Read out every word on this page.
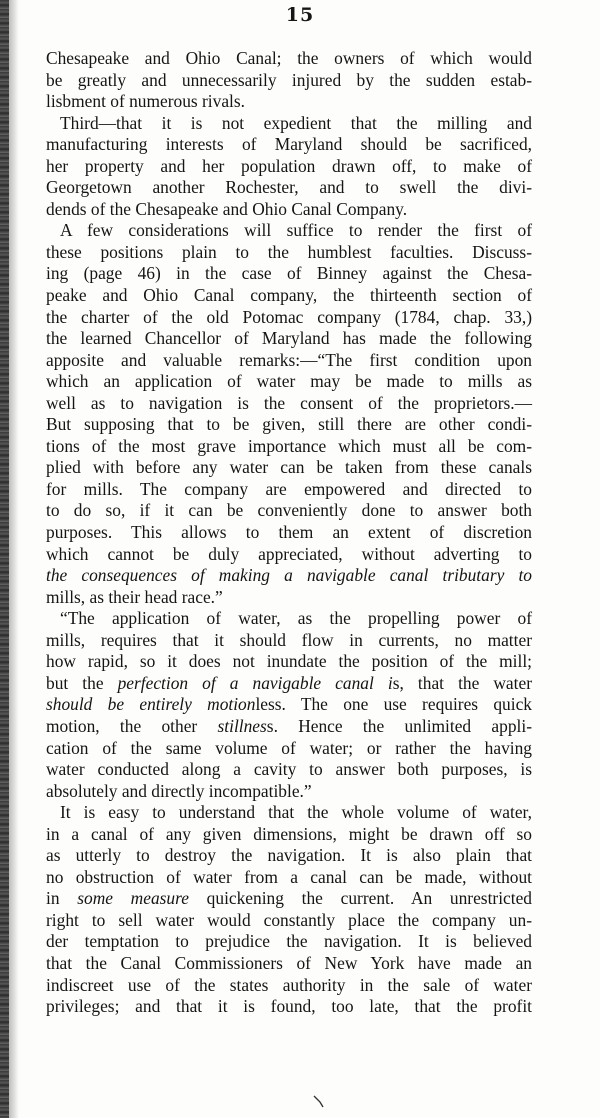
15
Chesapeake and Ohio Canal; the owners of which would
be greatly and unnecessarily injured by the sudden estab-
lisbment of numerous rivals.
Third—that it is not expedient that the milling and
manufacturing interests of Maryland should be sacrificed,
her property and her population drawn off, to make of
Georgetown another Rochester, and to swell the divi-
dends of the Chesapeake and Ohio Canal Company.
A few considerations will suffice to render the first of
these positions plain to the humblest faculties. Discuss-
ing (page 46) in the case of Binney against the Chesa-
peake and Ohio Canal company, the thirteenth section of
the charter of the old Potomac company (1784, chap. 33,)
the learned Chancellor of Maryland has made the following
apposite and valuable remarks:—“The first condition upon
which an application of water may be made to mills as
well as to navigation is the consent of the proprietors.—
But supposing that to be given, still there are other condi-
tions of the most grave importance which must all be com-
plied with before any water can be taken from these canals
for mills. The company are empowered and directed to
to do so, if it can be conveniently done to answer both
purposes. This allows to them an extent of discretion
which cannot be duly appreciated, without adverting to
the consequences of making a navigable canal tributary to
mills, as their head race.”
“The application of water, as the propelling power of
mills, requires that it should flow in currents, no matter
how rapid, so it does not inundate the position of the mill;
but the perfection of a navigable canal is, that the water
should be entirely motionless. The one use requires quick
motion, the other stillness. Hence the unlimited appli-
cation of the same volume of water; or rather the having
water conducted along a cavity to answer both purposes, is
absolutely and directly incompatible.”
It is easy to understand that the whole volume of water,
in a canal of any given dimensions, might be drawn off so
as utterly to destroy the navigation. It is also plain that
no obstruction of water from a canal can be made, without
in some measure quickening the current. An unrestricted
right to sell water would constantly place the company un-
der temptation to prejudice the navigation. It is believed
that the Canal Commissioners of New York have made an
indiscreet use of the states authority in the sale of water
privileges; and that it is found, too late, that the profit
